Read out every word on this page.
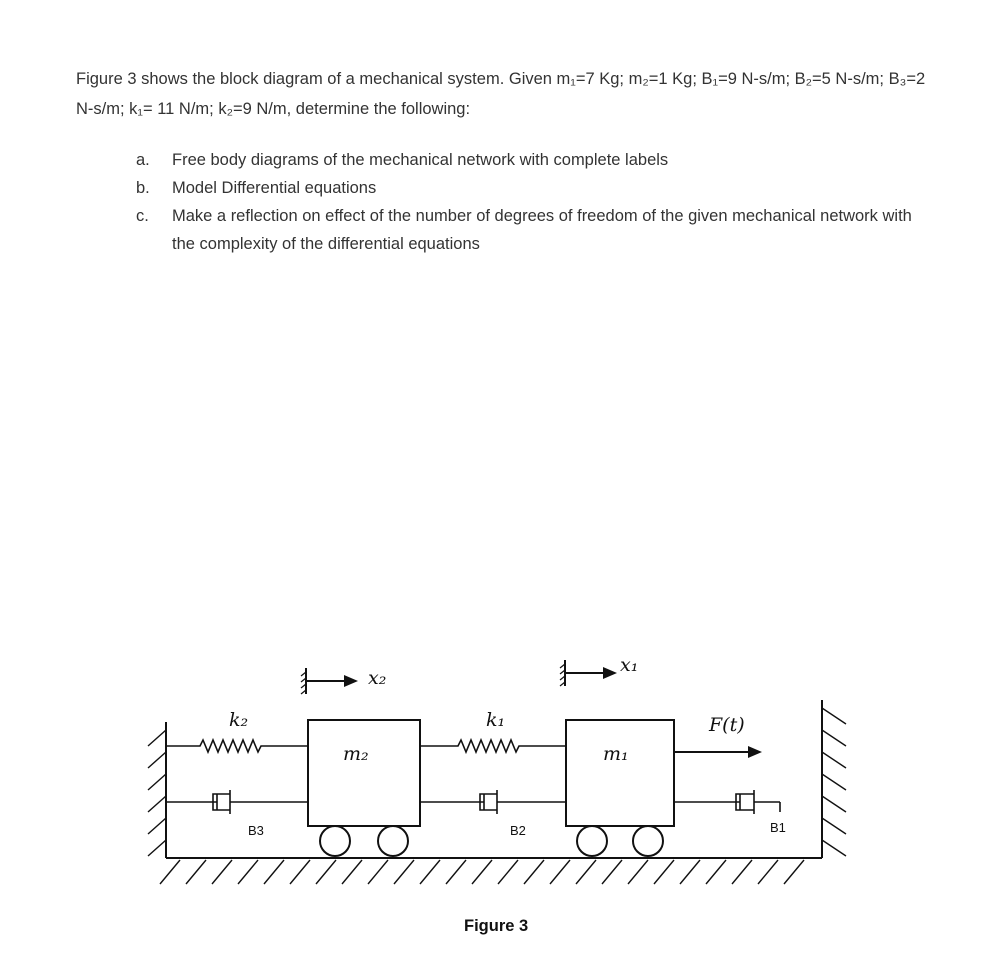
Figure 3 shows the block diagram of a mechanical system. Given m₁=7 Kg; m₂=1 Kg; B₁=9 N-s/m; B₂=5 N-s/m; B₃=2 N-s/m; k₁= 11 N/m; k₂=9 N/m, determine the following:
a.	Free body diagrams of the mechanical network with complete labels
b.	Model Differential equations
c.	Make a reflection on effect of the number of degrees of freedom of the given mechanical network with the complexity of the differential equations
k₂
m₂
x₂
k₁
m₁
x₁
F(t)
B3	B2	B1
Figure 3
